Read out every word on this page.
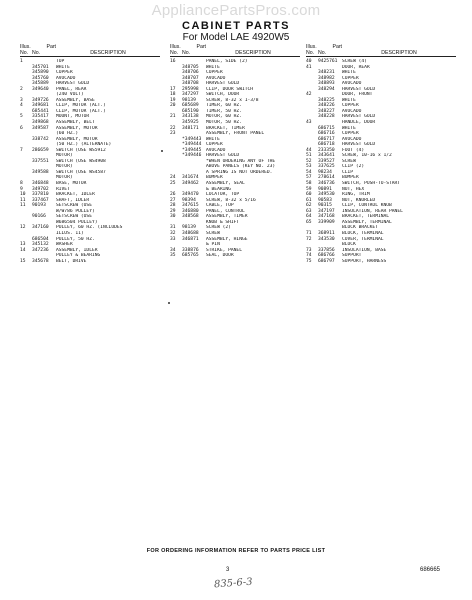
AppliancePartsPros.com
CABINET PARTS
For Model LAE 4920W5
Illus.	Part
No. No.	DESCRIPTION
1	TOP
345701	WHITE
345890	COPPER
345760	AVOCADO
345889	HARVEST GOLD
2	349640	PANEL, REAR
(240 VOLT)
3	349726	ASSEMBLY, BASE
4	349681	CLIP, MOTOR (ALT.)
685441	CLIP, MOTOR (ALT.)
5	335417	MOUNT, MOTOR
349868	ASSEMBLY, BELT
6	349587	ASSEMBLY, MOTOR
(60 HZ.)
338742	ASSEMBLY, MOTOR
(50 HZ.) (ALTERNATE)
7	286659	SWITCH (USE WS5912
MOTOR)
337551	SWITCH (USE WS4908
MOTOR)
349588	SWITCH (USE WS4587
MOTOR)
8	346848	BASE, MOTOR
9	349702	RIVET
10	337810	BRACKET, IDLER
11	337467	SHAFT, IDLER
11	90193	SETSCREW (USE
W/W786 PULLEY)
90166	SETSCREW (USE
W686504 PULLEY)
12	347160	PULLEY, 60 HZ. (INCLUDES
ILLUS. 11)
686504	PULLEY, 50 HZ.
13	345132	WASHER
14	347236	ASSEMBLY, IDLER
PULLEY & BEARING
15	345678	BELT, DRIVE
Illus.	Part
No. No.	DESCRIPTION
16	PANEL, SIDE (2)
348705	WHITE
348706	COPPER
348707	AVOCADO
348708	HARVEST GOLD
17	295998	CLIP, DOOR SWITCH
18	347297	SWITCH, DOOR
19	98139	SCREW, 8-32 x 1-3/8
20	685689	TIMER, 60 HZ.
685190	TIMER, 50 HZ.
21	343138	MOTOR, 60 HZ.
345925	MOTOR, 50 HZ.
22	348171	BRACKET, TIMER
23	ASSEMBLY, FRONT PANEL
*349443	WHITE
*349444	COPPER
*349445	AVOCADO
*349446	HARVEST GOLD
*WHEN ORDERING ANY OF THE
ABOVE PANELS (KEY NO. 23)
A SPRING IS NOT ORDERED.
24	341674	BUMPER
25	349462	ASSEMBLY, SEAL
& BEARING
26	349470	LOCATOR, TOP
27	98394	SCREW, 8-32 x 5/16
28	347615	CABLE, TOP
29	346880	PANEL, CONTROL
30	348568	ASSEMBLY, TIMER
KNOB & SHIFT
31	98139	SCREW (2)
32	348688	SCREW
33	346871	ASSEMBLY, HINGE
& PIN
34	338876	STRIKE, PANEL
35	685765	SEAL, DOOR
Illus.	Part
No. No.	DESCRIPTION
40	9425761	SCREW (4)
41	DOOR, REAR
348231	WHITE
348982	COPPER
348893	AVOCADO
348294	HARVEST GOLD
42	DOOR, FRONT
348225	WHITE
348226	COPPER
348227	AVOCADO
348228	HARVEST GOLD
43	HANDLE, DOOR
686715	WHITE
686716	COPPER
686717	AVOCADO
686718	HARVEST GOLD
44	233350	FOOT (4)
51	343641	SCREW, 10-16 x 1/2
52	339527	SCREW
53	337625	CLIP (2)
54	98234	CLIP
57	278614	BUMPER
58	346736	SWITCH, PUSH-TO-START
59	90891	NUT, HEX
60	349530	RING, TRIM
61	90583	NUT, KNURLED
62	90315	CLIP, CONTROL KNOB
63	347197	INSULATION, REAR PANEL
64	347168	BRACKET, TERMINAL
65	339909	ASSEMBLY, TERMINAL
BLOCK BRACKET
71	368911	BLOCK, TERMINAL
72	343530	COVER, TERMINAL
BLOCK
73	337856	INSULATION, BASE
74	686766	SUPPORT
75	686797	SUPPORT, HARNESS
FOR ORDERING INFORMATION REFER TO PARTS PRICE LIST
3	686665
835-6-3
